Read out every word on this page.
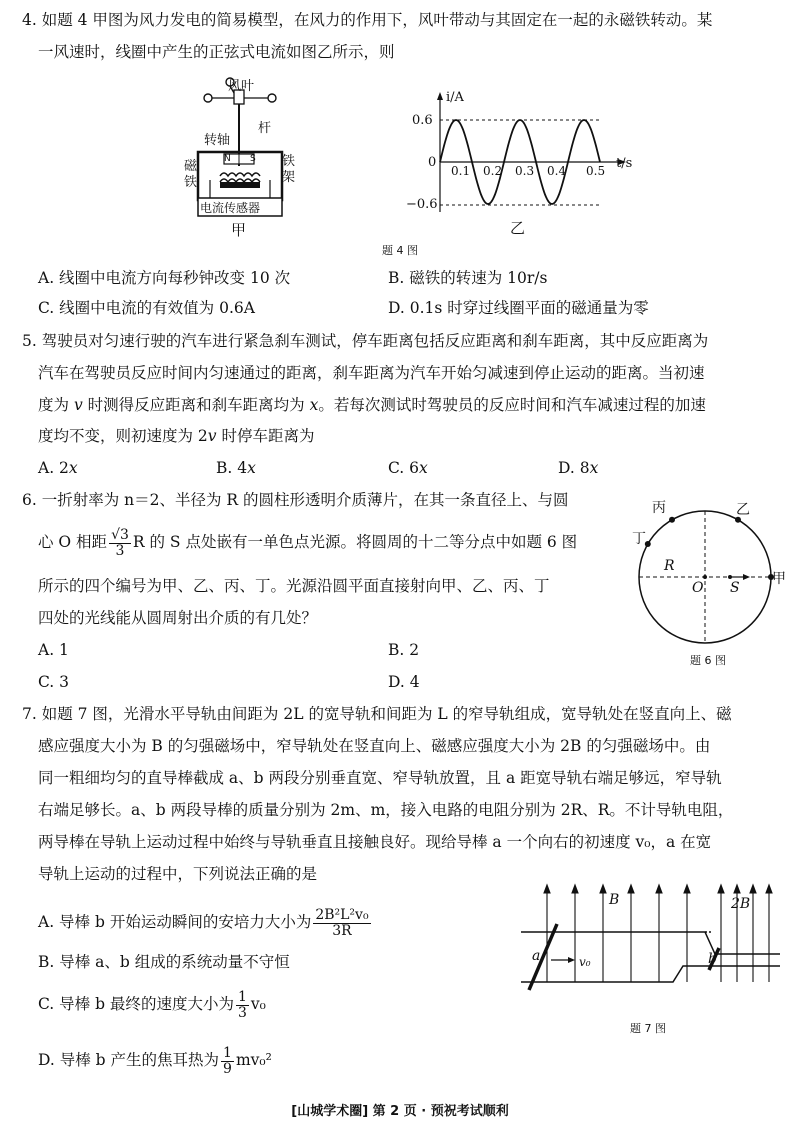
4. 如题 4 甲图为风力发电的简易模型，在风力的作用下，风叶带动与其固定在一起的永磁铁转动。某
一风速时，线圈中产生的正弦式电流如图乙所示，则
风叶
杆
转轴
磁
铁
铁
架
N S
电流传感器
甲
i/A
0.6
0
−0.6
t/s
0.1 0.2 0.3 0.4 0.5
乙
题 4 图
A. 线圈中电流方向每秒钟改变 10 次	B. 磁铁的转速为 10r/s
C. 线圈中电流的有效值为 0.6A	D. 0.1s 时穿过线圈平面的磁通量为零
5. 驾驶员对匀速行驶的汽车进行紧急刹车测试，停车距离包括反应距离和刹车距离，其中反应距离为
汽车在驾驶员反应时间内匀速通过的距离，刹车距离为汽车开始匀减速到停止运动的距离。当初速
度为 v 时测得反应距离和刹车距离均为 x。若每次测试时驾驶员的反应时间和汽车减速过程的加速
度均不变，则初速度为 2v 时停车距离为
A. 2x	B. 4x	C. 6x	D. 8x
6. 一折射率为 n＝2、半径为 R 的圆柱形透明介质薄片，在其一条直径上、与圆
心 O 相距 $\frac{√3}{3}$ R 的 S 点处嵌有一单色点光源。将圆周的十二等分点中如题 6 图
所示的四个编号为甲、乙、丙、丁。光源沿圆平面直接射向甲、乙、丙、丁
四处的光线能从圆周射出介质的有几处？
A. 1	B. 2
C. 3	D. 4
丙	乙
丁
甲
R
O S
题 6 图
7. 如题 7 图，光滑水平导轨由间距为 2L 的宽导轨和间距为 L 的窄导轨组成，宽导轨处在竖直向上、磁
感应强度大小为 B 的匀强磁场中，窄导轨处在竖直向上、磁感应强度大小为 2B 的匀强磁场中。由
同一粗细均匀的直导棒截成 a、b 两段分别垂直宽、窄导轨放置，且 a 距宽导轨右端足够远，窄导轨
右端足够长。a、b 两段导棒的质量分别为 2m、m，接入电路的电阻分别为 2R、R。不计导轨电阻，
两导棒在导轨上运动过程中始终与导轨垂直且接触良好。现给导棒 a 一个向右的初速度 v₀，a 在宽
导轨上运动的过程中，下列说法正确的是
A. 导棒 b 开始运动瞬间的安培力大小为 $\frac{\text{2B²L²v₀}}{3R}$
B. 导棒 a、b 组成的系统动量不守恒
C. 导棒 b 最终的速度大小为 $\frac{1}{3} v_0$
D. 导棒 b 产生的焦耳热为 $\frac{1}{9} mv_0^2$
B	2B
a	v₀	b
题 7 图
[山城学术圈] 第 2 页 · 预祝考试顺利
